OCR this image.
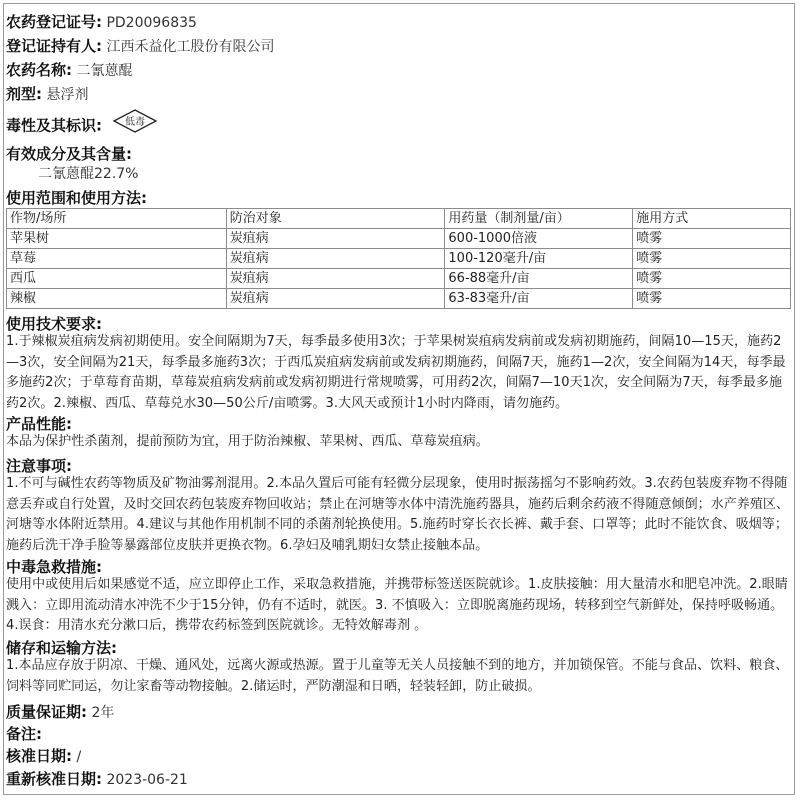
农药登记证号: PD20096835
登记证持有人: 江西禾益化工股份有限公司
农药名称: 二氰蒽醌
剂型: 悬浮剂
毒性及其标识: 低毒
有效成分及其含量:
二氰蒽醌22.7%
使用范围和使用方法:
作物/场所	防治对象	用药量（制剂量/亩）	施用方式
苹果树	炭疽病	600-1000倍液	喷雾
草莓	炭疽病	100-120毫升/亩	喷雾
西瓜	炭疽病	66-88毫升/亩	喷雾
辣椒	炭疽病	63-83毫升/亩	喷雾
使用技术要求:
1.于辣椒炭疽病发病初期使用。安全间隔期为7天，每季最多使用3次；于苹果树炭疽病发病前或发病初期施药，间隔10—15天，施药2—3次，安全间隔为21天，每季最多施药3次；于西瓜炭疽病发病前或发病初期施药，间隔7天，施药1—2次，安全间隔为14天，每季最多施药2次；于草莓育苗期，草莓炭疽病发病前或发病初期进行常规喷雾，可用药2次，间隔7—10天1次，安全间隔为7天，每季最多施药2次。2.辣椒、西瓜、草莓兑水30—50公斤/亩喷雾。3.大风天或预计1小时内降雨，请勿施药。
产品性能:
本品为保护性杀菌剂，提前预防为宜，用于防治辣椒、苹果树、西瓜、草莓炭疽病。
注意事项:
1.不可与碱性农药等物质及矿物油雾剂混用。2.本品久置后可能有轻微分层现象，使用时振荡摇匀不影响药效。3.农药包装废弃物不得随意丢弃或自行处置，及时交回农药包装废弃物回收站；禁止在河塘等水体中清洗施药器具，施药后剩余药液不得随意倾倒；水产养殖区、河塘等水体附近禁用。4.建议与其他作用机制不同的杀菌剂轮换使用。5.施药时穿长衣长裤、戴手套、口罩等；此时不能饮食、吸烟等；施药后洗干净手脸等暴露部位皮肤并更换衣物。6.孕妇及哺乳期妇女禁止接触本品。
中毒急救措施:
使用中或使用后如果感觉不适，应立即停止工作，采取急救措施，并携带标签送医院就诊。1.皮肤接触：用大量清水和肥皂冲洗。2.眼睛溅入：立即用流动清水冲洗不少于15分钟，仍有不适时，就医。3. 不慎吸入：立即脱离施药现场，转移到空气新鲜处，保持呼吸畅通。4.误食：用清水充分漱口后，携带农药标签到医院就诊。无特效解毒剂 。
储存和运输方法:
1.本品应存放于阴凉、干燥、通风处，远离火源或热源。置于儿童等无关人员接触不到的地方，并加锁保管。不能与食品、饮料、粮食、饲料等同贮同运，勿让家畜等动物接触。2.储运时，严防潮湿和日晒，轻装轻卸，防止破损。
质量保证期: 2年
备注:
核准日期: /
重新核准日期: 2023-06-21
